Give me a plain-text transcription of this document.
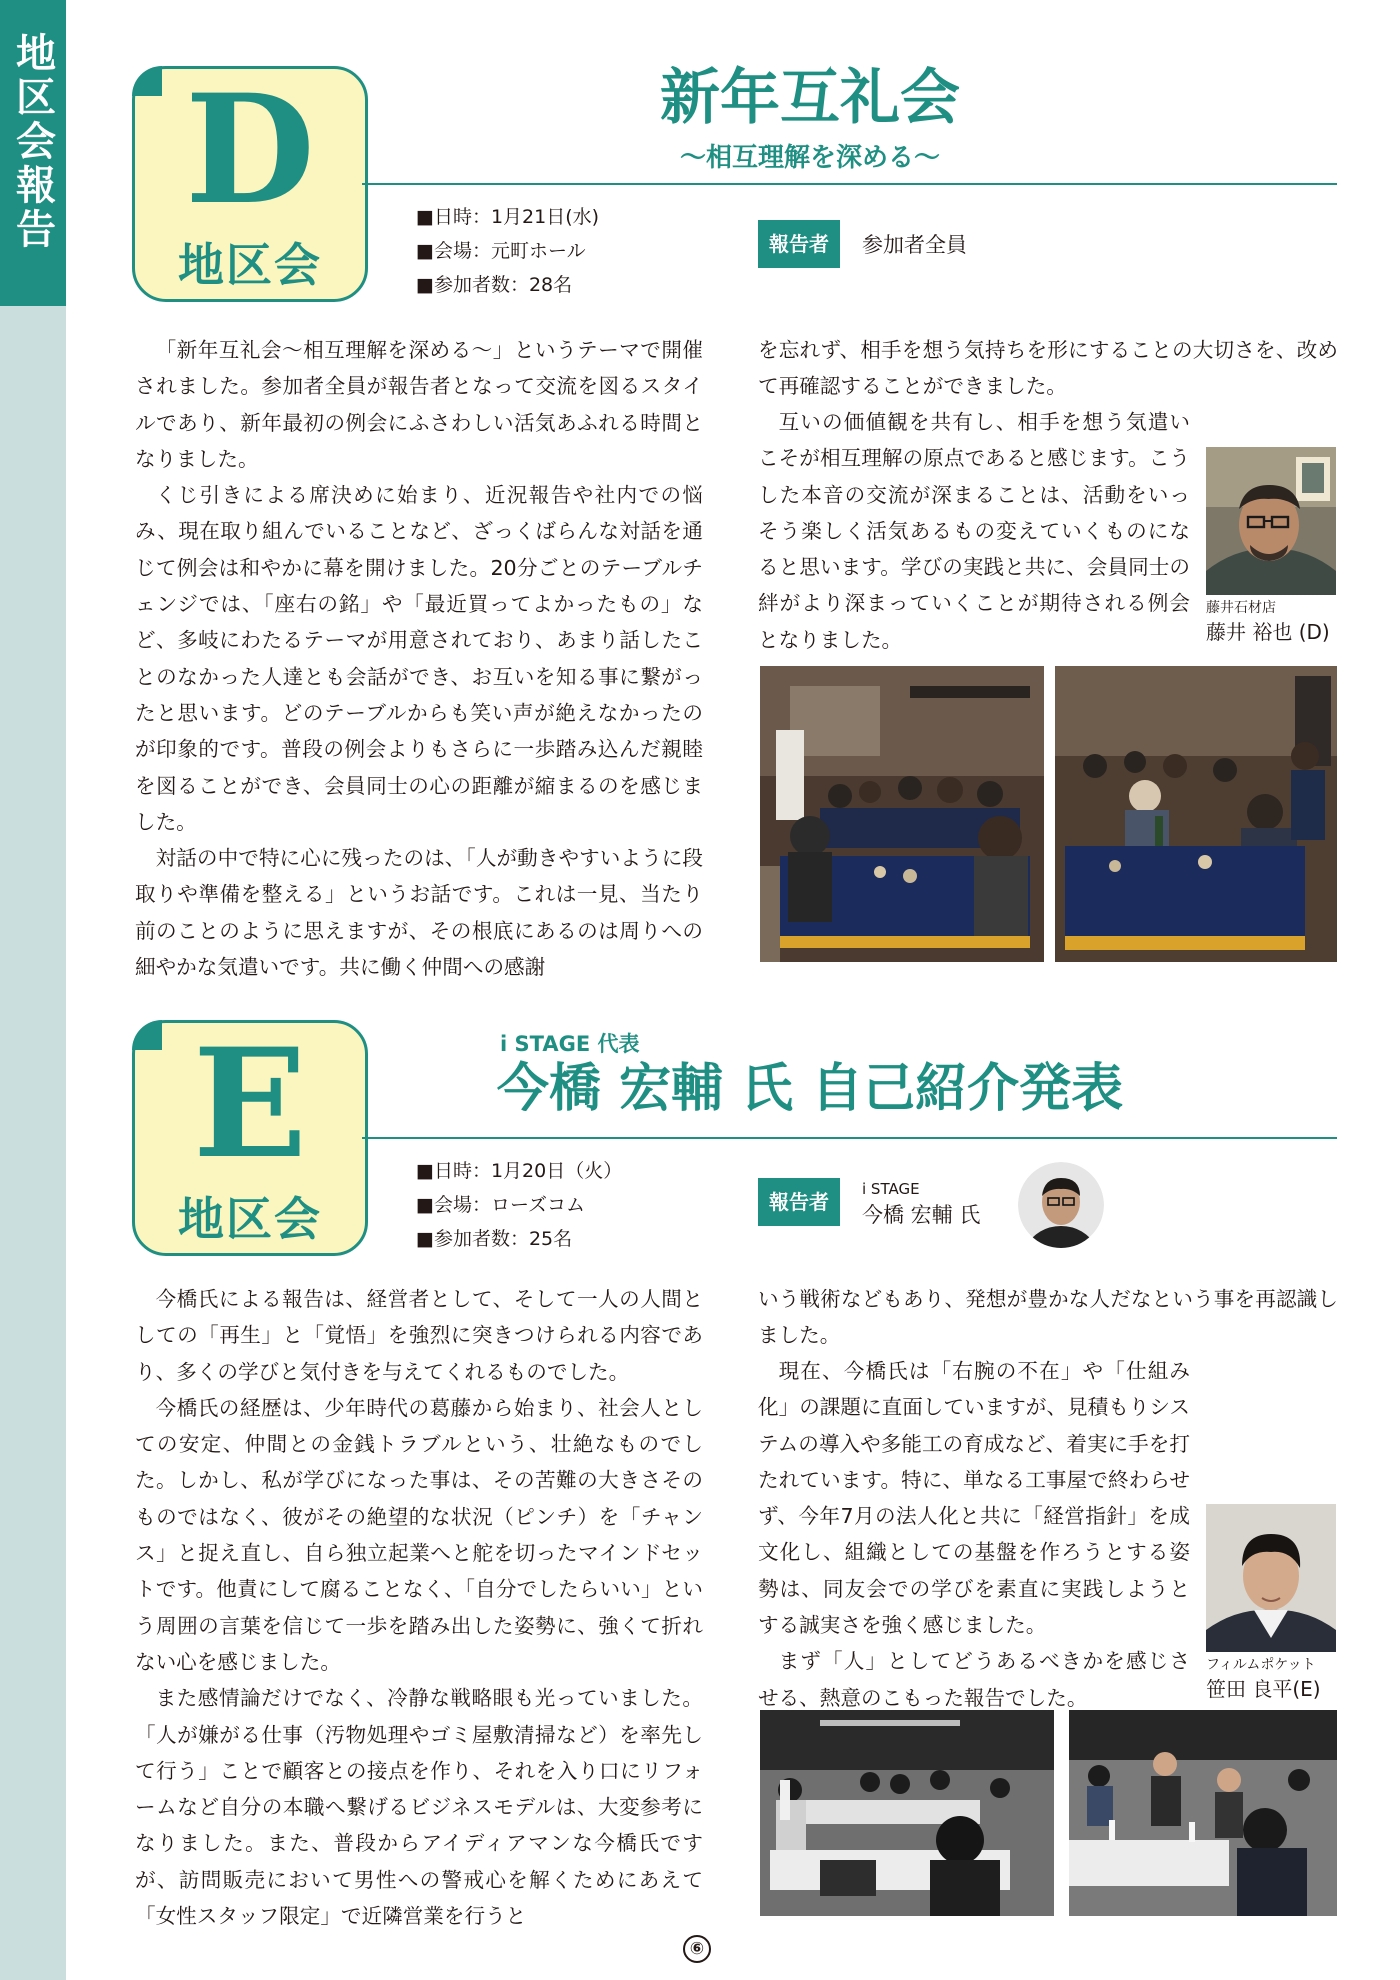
地区会報告 D
地区会
新年互礼会
〜相互理解を深める〜
■日時：1月21日(水)
■会場：元町ホール
■参加者数：28名
報告者	参加者全員

「新年互礼会〜相互理解を深める〜」というテーマで開催されました。参加者全員が報告者となって交流を図るスタイルであり、新年最初の例会にふさわしい活気あふれる時間となりました。

くじ引きによる席決めに始まり、近況報告や社内での悩み、現在取り組んでいることなど、ざっくばらんな対話を通じて例会は和やかに幕を開けました。20分ごとのテーブルチェンジでは、「座右の銘」や「最近買ってよかったもの」など、多岐にわたるテーマが用意されており、あまり話したことのなかった人達とも会話ができ、お互いを知る事に繋がったと思います。どのテーブルからも笑い声が絶えなかったのが印象的です。普段の例会よりもさらに一歩踏み込んだ親睦を図ることができ、会員同士の心の距離が縮まるのを感じました。

対話の中で特に心に残ったのは、「人が動きやすいように段取りや準備を整える」というお話です。これは一見、当たり前のことのように思えますが、その根底にあるのは周りへの細やかな気遣いです。共に働く仲間への感謝

を忘れず、相手を想う気持ちを形にすることの大切さを、改めて再確認することができました。

互いの価値観を共有し、相手を想う気遣いこそが相互理解の原点であると感じます。こうした本音の交流が深まることは、活動をいっそう楽しく活気あるもの変えていくものになると思います。学びの実践と共に、会員同士の絆がより深まっていくことが期待される例会となりました。

藤井石材店
藤井 裕也 (D)
E
地区会
i STAGE 代表
今橋 宏輔 氏 自己紹介発表
■日時：1月20日（火）
■会場：ローズコム
■参加者数：25名
報告者
i STAGE
今橋 宏輔 氏

今橋氏による報告は、経営者として、そして一人の人間としての「再生」と「覚悟」を強烈に突きつけられる内容であり、多くの学びと気付きを与えてくれるものでした。

今橋氏の経歴は、少年時代の葛藤から始まり、社会人としての安定、仲間との金銭トラブルという、壮絶なものでした。しかし、私が学びになった事は、その苦難の大きさそのものではなく、彼がその絶望的な状況（ピンチ）を「チャンス」と捉え直し、自ら独立起業へと舵を切ったマインドセットです。他責にして腐ることなく、「自分でしたらいい」という周囲の言葉を信じて一歩を踏み出した姿勢に、強くて折れない心を感じました。

また感情論だけでなく、冷静な戦略眼も光っていました。「人が嫌がる仕事（汚物処理やゴミ屋敷清掃など）を率先して行う」ことで顧客との接点を作り、それを入り口にリフォームなど自分の本職へ繋げるビジネスモデルは、大変参考になりました。また、普段からアイディアマンな今橋氏ですが、訪問販売において男性への警戒心を解くためにあえて「女性スタッフ限定」で近隣営業を行うと

いう戦術などもあり、発想が豊かな人だなという事を再認識しました。

現在、今橋氏は「右腕の不在」や「仕組み化」の課題に直面していますが、見積もりシステムの導入や多能工の育成など、着実に手を打たれています。特に、単なる工事屋で終わらせず、今年7月の法人化と共に「経営指針」を成文化し、組織としての基盤を作ろうとする姿勢は、同友会での学びを素直に実践しようとする誠実さを強く感じました。

まず「人」としてどうあるべきかを感じさせる、熱意のこもった報告でした。

フィルムポケット
笹田 良平(E)
⑥
